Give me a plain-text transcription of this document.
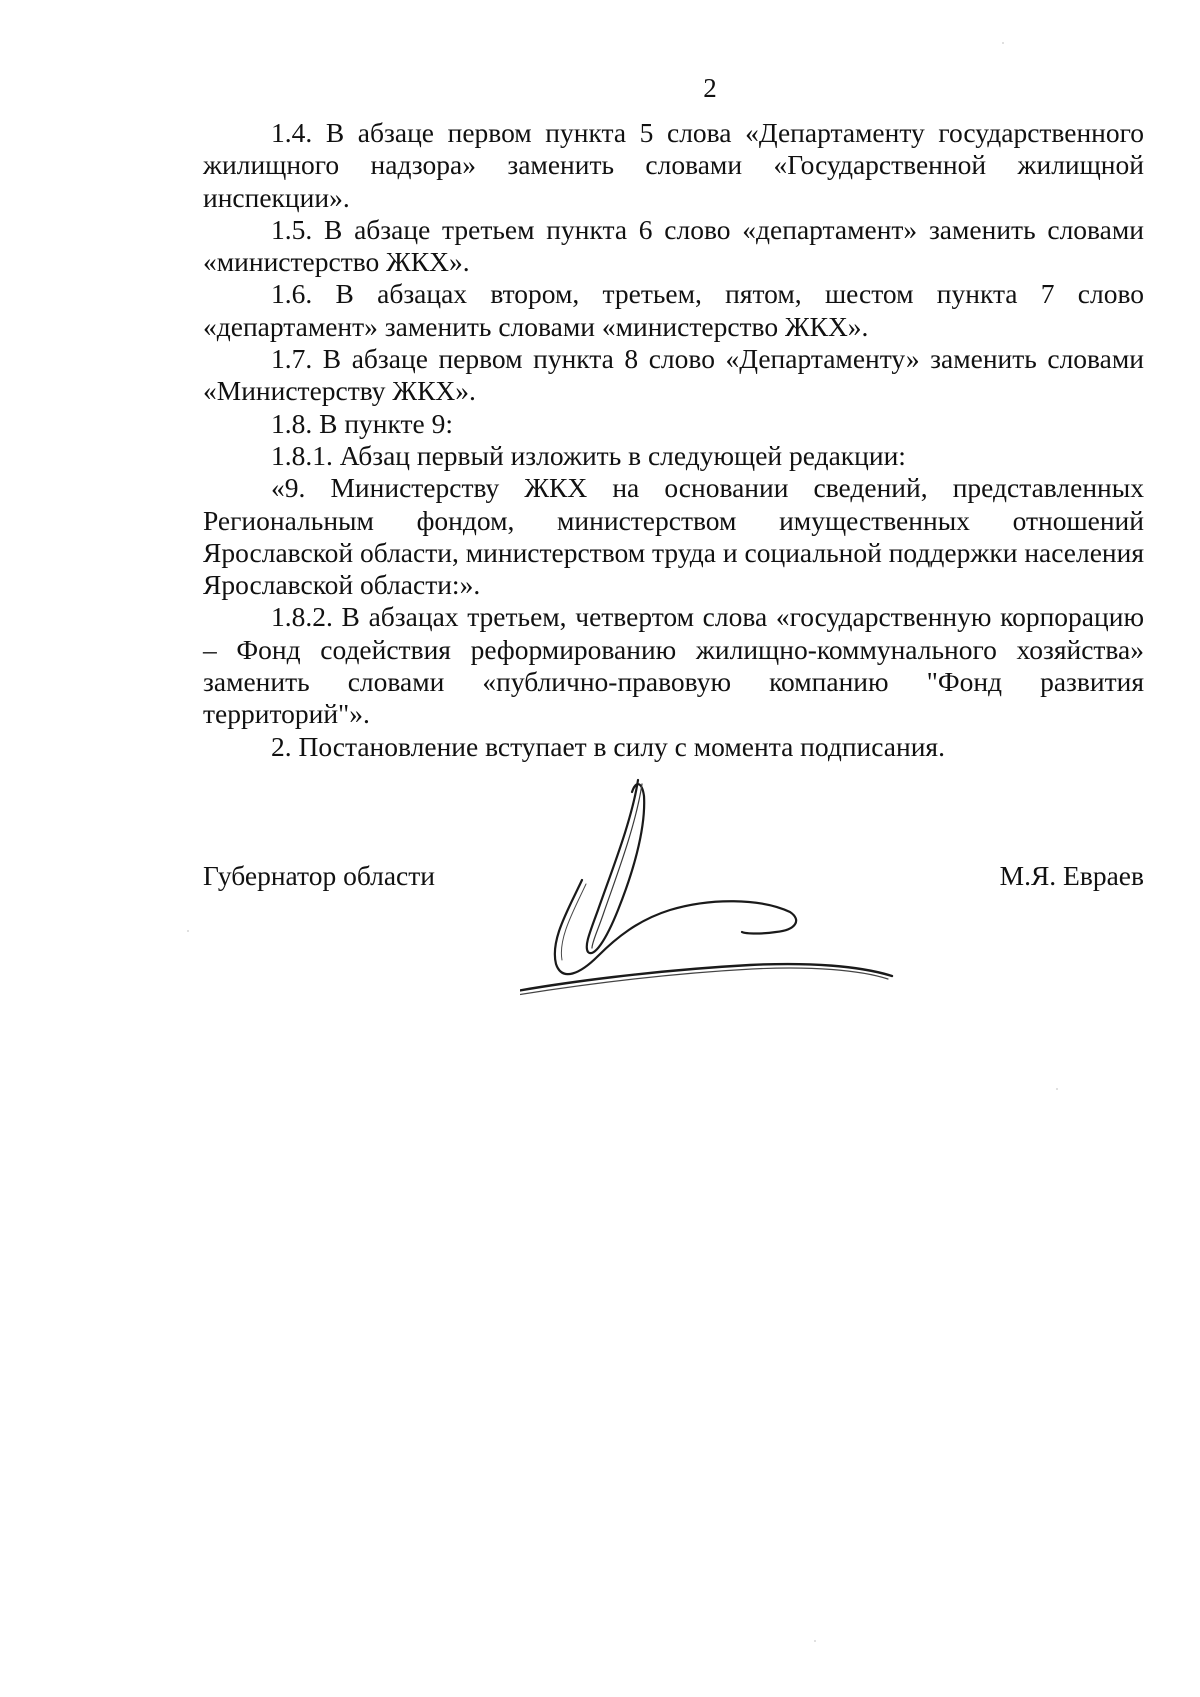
2

1.4. В абзаце первом пункта 5 слова «Департаменту государственного жилищного надзора» заменить словами «Государственной жилищной инспекции».

1.5. В абзаце третьем пункта 6 слово «департамент» заменить словами «министерство ЖКХ».

1.6. В абзацах втором, третьем, пятом, шестом пункта 7 слово «департамент» заменить словами «министерство ЖКХ».

1.7. В абзаце первом пункта 8 слово «Департаменту» заменить словами «Министерству ЖКХ».

1.8. В пункте 9:

1.8.1. Абзац первый изложить в следующей редакции:

«9. Министерству ЖКХ на основании сведений, представленных Региональным фондом, министерством имущественных отношений Ярославской области, министерством труда и социальной поддержки населения Ярославской области:».

1.8.2. В абзацах третьем, четвертом слова «государственную корпорацию – Фонд содействия реформированию жилищно-коммунального хозяйства» заменить словами «публично-правовую компанию "Фонд развития территорий"».

2. Постановление вступает в силу с момента подписания.

Губернатор области	М.Я. Евраев
